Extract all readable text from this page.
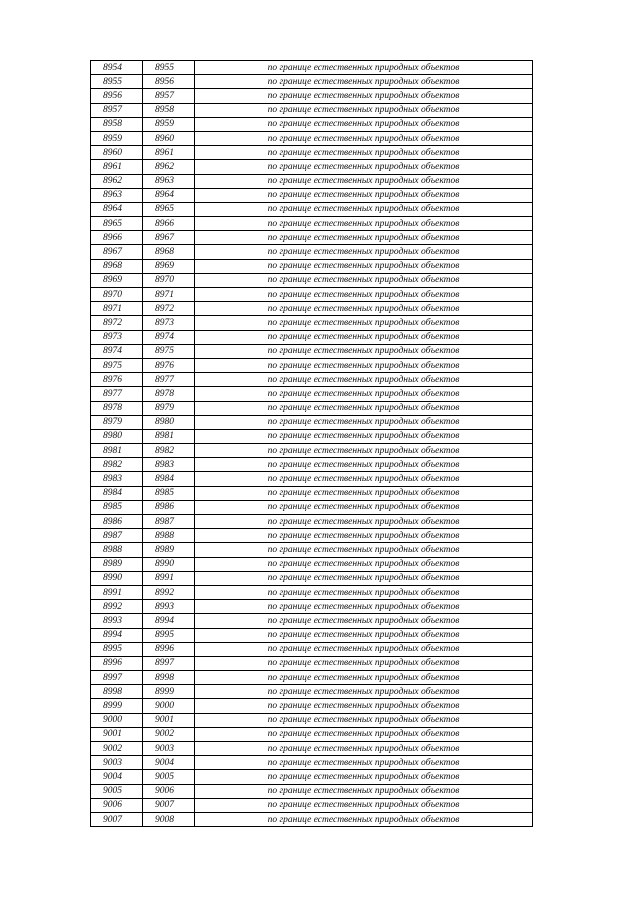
8954	8955	по границе естественных природных объектов
8955	8956	по границе естественных природных объектов
8956	8957	по границе естественных природных объектов
8957	8958	по границе естественных природных объектов
8958	8959	по границе естественных природных объектов
8959	8960	по границе естественных природных объектов
8960	8961	по границе естественных природных объектов
8961	8962	по границе естественных природных объектов
8962	8963	по границе естественных природных объектов
8963	8964	по границе естественных природных объектов
8964	8965	по границе естественных природных объектов
8965	8966	по границе естественных природных объектов
8966	8967	по границе естественных природных объектов
8967	8968	по границе естественных природных объектов
8968	8969	по границе естественных природных объектов
8969	8970	по границе естественных природных объектов
8970	8971	по границе естественных природных объектов
8971	8972	по границе естественных природных объектов
8972	8973	по границе естественных природных объектов
8973	8974	по границе естественных природных объектов
8974	8975	по границе естественных природных объектов
8975	8976	по границе естественных природных объектов
8976	8977	по границе естественных природных объектов
8977	8978	по границе естественных природных объектов
8978	8979	по границе естественных природных объектов
8979	8980	по границе естественных природных объектов
8980	8981	по границе естественных природных объектов
8981	8982	по границе естественных природных объектов
8982	8983	по границе естественных природных объектов
8983	8984	по границе естественных природных объектов
8984	8985	по границе естественных природных объектов
8985	8986	по границе естественных природных объектов
8986	8987	по границе естественных природных объектов
8987	8988	по границе естественных природных объектов
8988	8989	по границе естественных природных объектов
8989	8990	по границе естественных природных объектов
8990	8991	по границе естественных природных объектов
8991	8992	по границе естественных природных объектов
8992	8993	по границе естественных природных объектов
8993	8994	по границе естественных природных объектов
8994	8995	по границе естественных природных объектов
8995	8996	по границе естественных природных объектов
8996	8997	по границе естественных природных объектов
8997	8998	по границе естественных природных объектов
8998	8999	по границе естественных природных объектов
8999	9000	по границе естественных природных объектов
9000	9001	по границе естественных природных объектов
9001	9002	по границе естественных природных объектов
9002	9003	по границе естественных природных объектов
9003	9004	по границе естественных природных объектов
9004	9005	по границе естественных природных объектов
9005	9006	по границе естественных природных объектов
9006	9007	по границе естественных природных объектов
9007	9008	по границе естественных природных объектов
